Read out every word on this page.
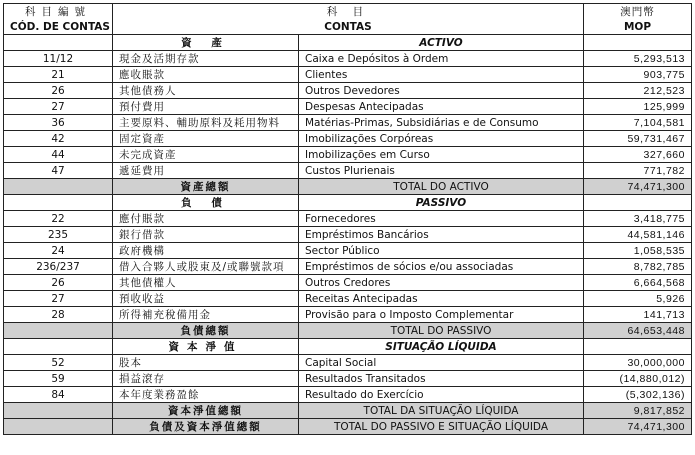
科目編號	科 目		澳門幣
CÓD. DE CONTAS	CONTAS		MOP
	資 產	ACTIVO	
11/12	現金及活期存款	Caixa e Depósitos à Ordem	5,293,513
21	應收賬款	Clientes	903,775
26	其他債務人	Outros Devedores	212,523
27	預付費用	Despesas Antecipadas	125,999
36	主要原料、輔助原料及耗用物料	Matérias-Primas, Subsidiárias e de Consumo	7,104,581
42	固定資產	Imobilizações Corpóreas	59,731,467
44	未完成資產	Imobilizações em Curso	327,660
47	遞延費用	Custos Plurienais	771,782
	資產總額	TOTAL DO ACTIVO	74,471,300
	負 債	PASSIVO	
22	應付賬款	Fornecedores	3,418,775
235	銀行借款	Empréstimos Bancários	44,581,146
24	政府機構	Sector Público	1,058,535
236/237	借入合夥人或股東及/或聯號款項	Empréstimos de sócios e/ou associadas	8,782,785
26	其他債權人	Outros Credores	6,664,568
27	預收收益	Receitas Antecipadas	5,926
28	所得補充稅備用金	Provisão para o Imposto Complementar	141,713
	負債總額	TOTAL DO PASSIVO	64,653,448
	資本淨值	SITUAÇÃO LÍQUIDA	
52	股本	Capital Social	30,000,000
59	損益滾存	Resultados Transitados	(14,880,012)
84	本年度業務盈餘	Resultado do Exercício	(5,302,136)
	資本淨值總額	TOTAL DA SITUAÇÃO LÍQUIDA	9,817,852
	負債及資本淨值總額	TOTAL DO PASSIVO E SITUAÇÃO LÍQUIDA	74,471,300
